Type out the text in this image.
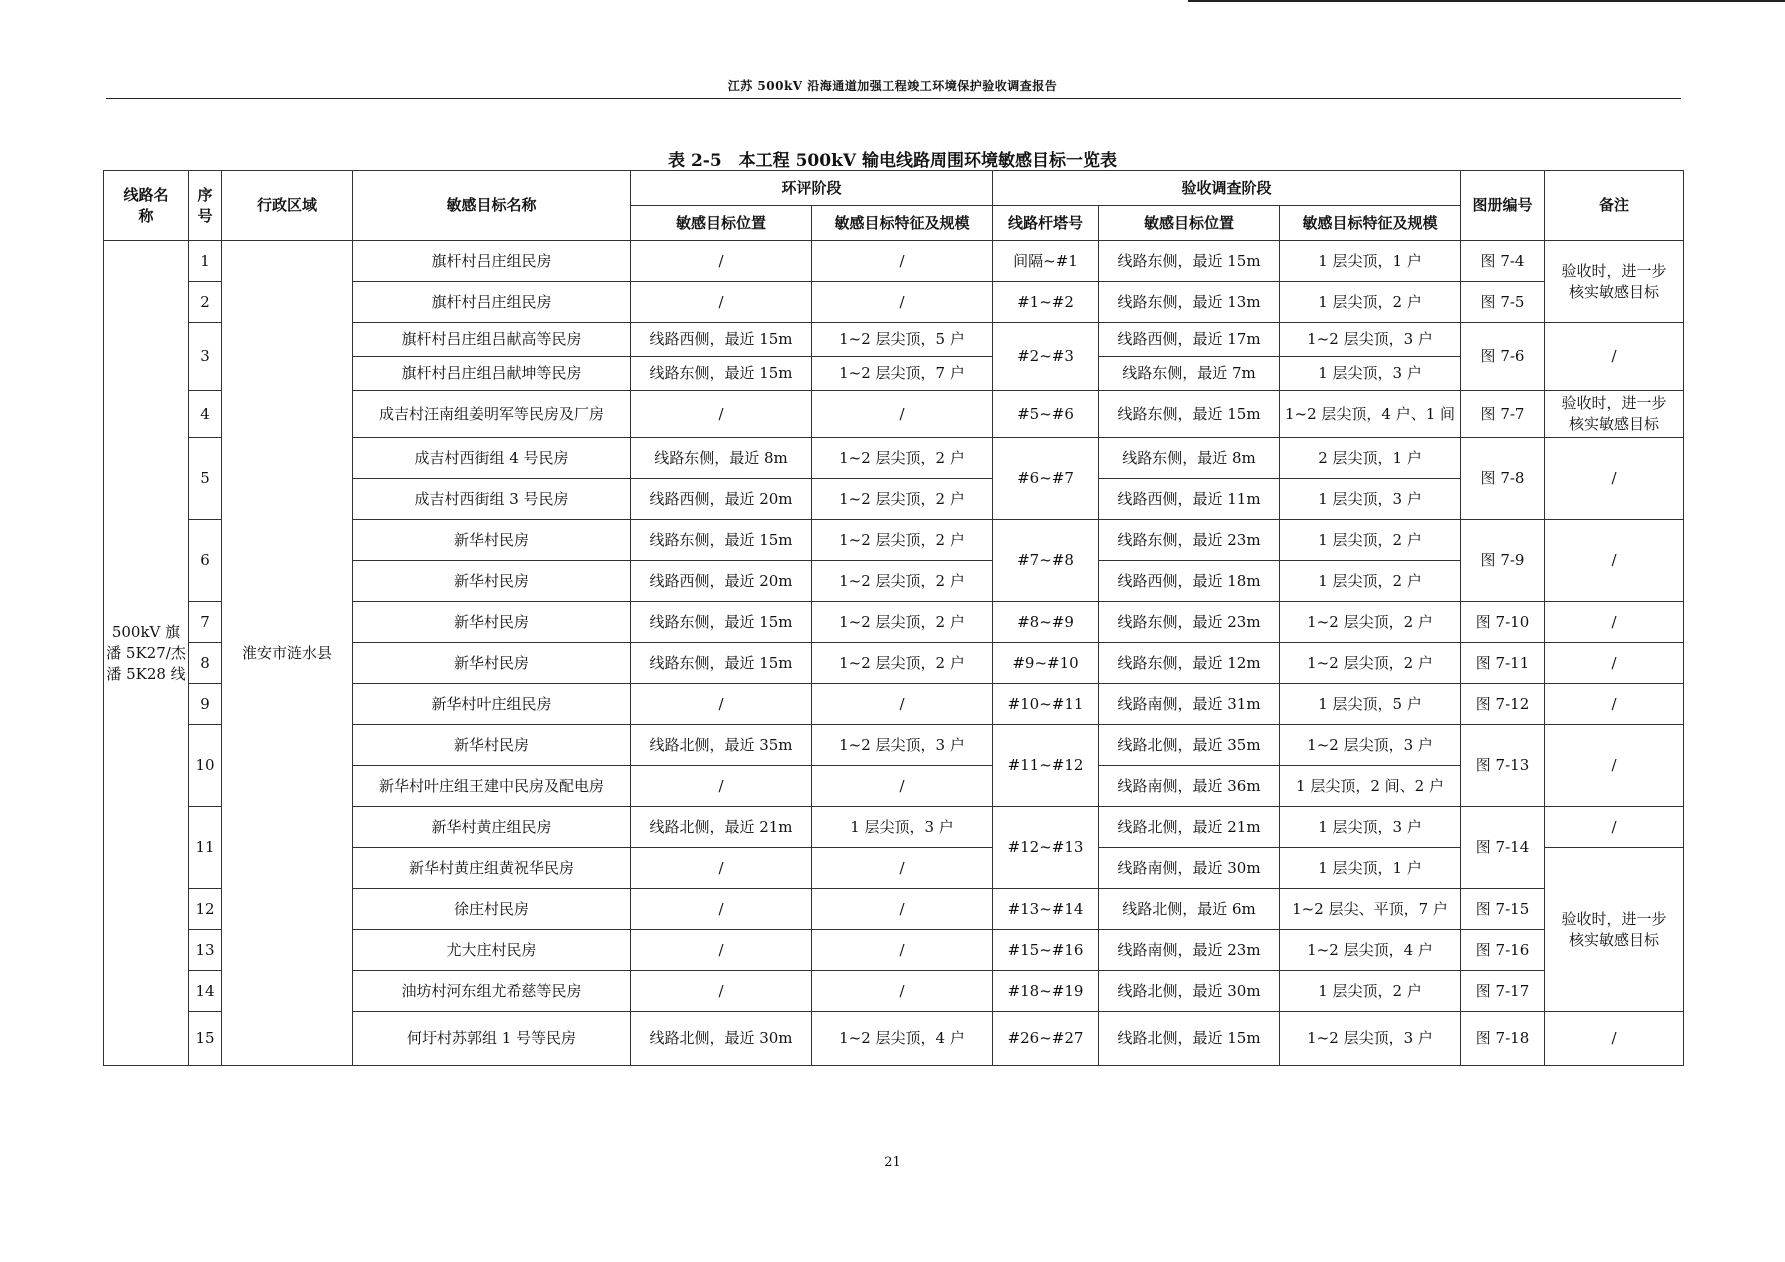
江苏 500kV 沿海通道加强工程竣工环境保护验收调查报告
表 2-5　本工程 500kV 输电线路周围环境敏感目标一览表
线路名称	序号	行政区域	敏感目标名称	环评阶段		验收调查阶段			图册编号	备注
				敏感目标位置	敏感目标特征及规模	线路杆塔号	敏感目标位置	敏感目标特征及规模		
500kV 旗潘 5K27/杰潘 5K28 线	1	淮安市涟水县	旗杆村吕庄组民房	/	/	间隔~#1	线路东侧，最近 15m	1 层尖顶，1 户	图 7-4	验收时，进一步核实敏感目标
	2		旗杆村吕庄组民房	/	/	#1~#2	线路东侧，最近 13m	1 层尖顶，2 户	图 7-5	
	3		旗杆村吕庄组吕献高等民房	线路西侧，最近 15m	1~2 层尖顶，5 户	#2~#3	线路西侧，最近 17m	1~2 层尖顶，3 户	图 7-6	/
			旗杆村吕庄组吕献坤等民房	线路东侧，最近 15m	1~2 层尖顶，7 户		线路东侧，最近 7m	1 层尖顶，3 户		
	4		成吉村汪南组姜明军等民房及厂房	/	/	#5~#6	线路东侧，最近 15m	1~2 层尖顶，4 户、1 间	图 7-7	验收时，进一步核实敏感目标
	5		成吉村西街组 4 号民房	线路东侧，最近 8m	1~2 层尖顶，2 户	#6~#7	线路东侧，最近 8m	2 层尖顶，1 户	图 7-8	/
			成吉村西街组 3 号民房	线路西侧，最近 20m	1~2 层尖顶，2 户		线路西侧，最近 11m	1 层尖顶，3 户		
	6		新华村民房	线路东侧，最近 15m	1~2 层尖顶，2 户	#7~#8	线路东侧，最近 23m	1 层尖顶，2 户	图 7-9	/
			新华村民房	线路西侧，最近 20m	1~2 层尖顶，2 户		线路西侧，最近 18m	1 层尖顶，2 户		
	7		新华村民房	线路东侧，最近 15m	1~2 层尖顶，2 户	#8~#9	线路东侧，最近 23m	1~2 层尖顶，2 户	图 7-10	/
	8		新华村民房	线路东侧，最近 15m	1~2 层尖顶，2 户	#9~#10	线路东侧，最近 12m	1~2 层尖顶，2 户	图 7-11	/
	9		新华村叶庄组民房	/	/	#10~#11	线路南侧，最近 31m	1 层尖顶，5 户	图 7-12	/
	10		新华村民房	线路北侧，最近 35m	1~2 层尖顶，3 户	#11~#12	线路北侧，最近 35m	1~2 层尖顶，3 户	图 7-13	/
			新华村叶庄组王建中民房及配电房	/	/		线路南侧，最近 36m	1 层尖顶，2 间、2 户		
	11		新华村黄庄组民房	线路北侧，最近 21m	1 层尖顶，3 户	#12~#13	线路北侧，最近 21m	1 层尖顶，3 户	图 7-14	/
			新华村黄庄组黄祝华民房	/	/		线路南侧，最近 30m	1 层尖顶，1 户		验收时，进一步核实敏感目标
	12		徐庄村民房	/	/	#13~#14	线路北侧，最近 6m	1~2 层尖、平顶，7 户	图 7-15	
	13		尤大庄村民房	/	/	#15~#16	线路南侧，最近 23m	1~2 层尖顶，4 户	图 7-16	
	14		油坊村河东组尤希慈等民房	/	/	#18~#19	线路北侧，最近 30m	1 层尖顶，2 户	图 7-17	
	15		何圩村苏郭组 1 号等民房	线路北侧，最近 30m	1~2 层尖顶，4 户	#26~#27	线路北侧，最近 15m	1~2 层尖顶，3 户	图 7-18	/
21
